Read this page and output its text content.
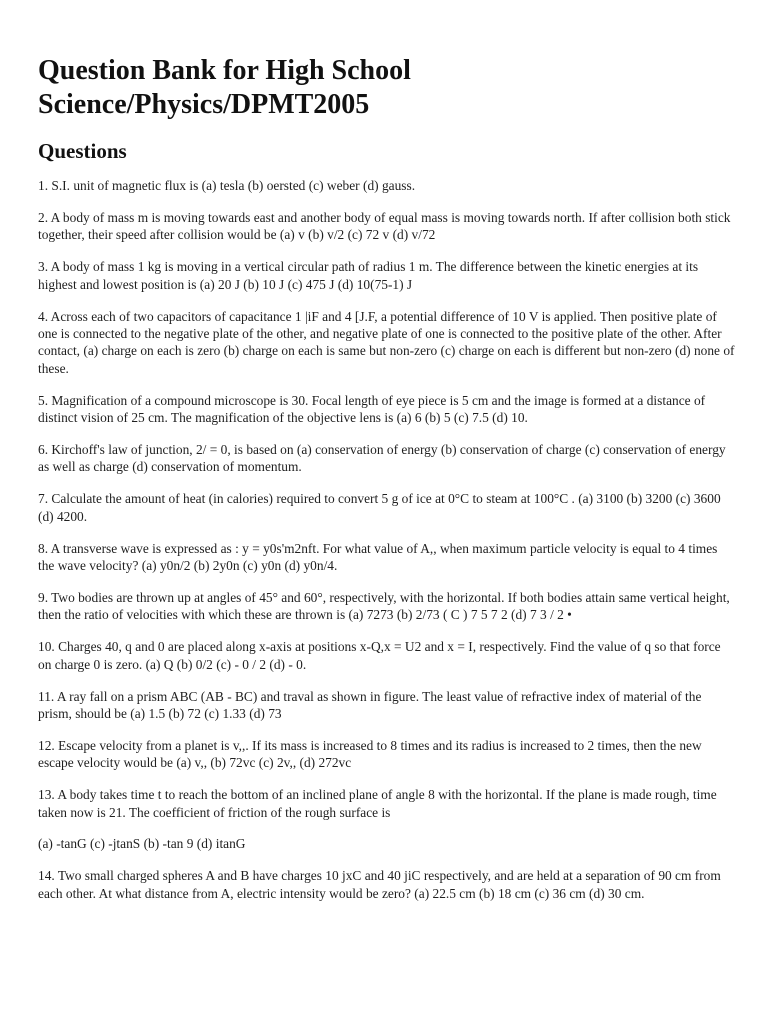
Question Bank for High School Science/Physics/DPMT2005
Questions

1. S.I. unit of magnetic flux is (a) tesla (b) oersted (c) weber (d) gauss.

2. A body of mass m is moving towards east and another body of equal mass is moving towards north. If after collision both stick together, their speed after collision would be (a) v (b) v/2 (c) 72 v (d) v/72

3. A body of mass 1 kg is moving in a vertical circular path of radius 1 m. The difference between the kinetic energies at its highest and lowest position is (a) 20 J (b) 10 J (c) 475 J (d) 10(75-1) J

4. Across each of two capacitors of capacitance 1 |iF and 4 [J.F, a potential difference of 10 V is applied. Then positive plate of one is connected to the negative plate of the other, and negative plate of one is connected to the positive plate of the other. After contact, (a) charge on each is zero (b) charge on each is same but non-zero (c) charge on each is different but non-zero (d) none of these.

5. Magnification of a compound microscope is 30. Focal length of eye piece is 5 cm and the image is formed at a distance of distinct vision of 25 cm. The magnification of the objective lens is (a) 6 (b) 5 (c) 7.5 (d) 10.

6. Kirchoff's law of junction, 2/ = 0, is based on (a) conservation of energy (b) conservation of charge (c) conservation of energy as well as charge (d) conservation of momentum.

7. Calculate the amount of heat (in calories) required to convert 5 g of ice at 0°C to steam at 100°C . (a) 3100 (b) 3200 (c) 3600 (d) 4200.

8. A transverse wave is expressed as : y = y0s'm2nft. For what value of A,, when maximum particle velocity is equal to 4 times the wave velocity? (a) y0n/2 (b) 2y0n (c) y0n (d) y0n/4.

9. Two bodies are thrown up at angles of 45° and 60°, respectively, with the horizontal. If both bodies attain same vertical height, then the ratio of velocities with which these are thrown is (a) 7273 (b) 2/73 ( C ) 7 5 7 2 (d) 7 3 / 2 •

10. Charges 40, q and 0 are placed along x-axis at positions x-Q,x = U2 and x = I, respectively. Find the value of q so that force on charge 0 is zero. (a) Q (b) 0/2 (c) - 0 / 2 (d) - 0.

11. A ray fall on a prism ABC (AB - BC) and traval as shown in figure. The least value of refractive index of material of the prism, should be (a) 1.5 (b) 72 (c) 1.33 (d) 73

12. Escape velocity from a planet is v,,. If its mass is increased to 8 times and its radius is increased to 2 times, then the new escape velocity would be (a) v,, (b) 72vc (c) 2v,, (d) 272vc

13. A body takes time t to reach the bottom of an inclined plane of angle 8 with the horizontal. If the plane is made rough, time taken now is 21. The coefficient of friction of the rough surface is

(a) -tanG (c) -jtanS (b) -tan 9 (d) itanG

14. Two small charged spheres A and B have charges 10 jxC and 40 jiC respectively, and are held at a separation of 90 cm from each other. At what distance from A, electric intensity would be zero? (a) 22.5 cm (b) 18 cm (c) 36 cm (d) 30 cm.
